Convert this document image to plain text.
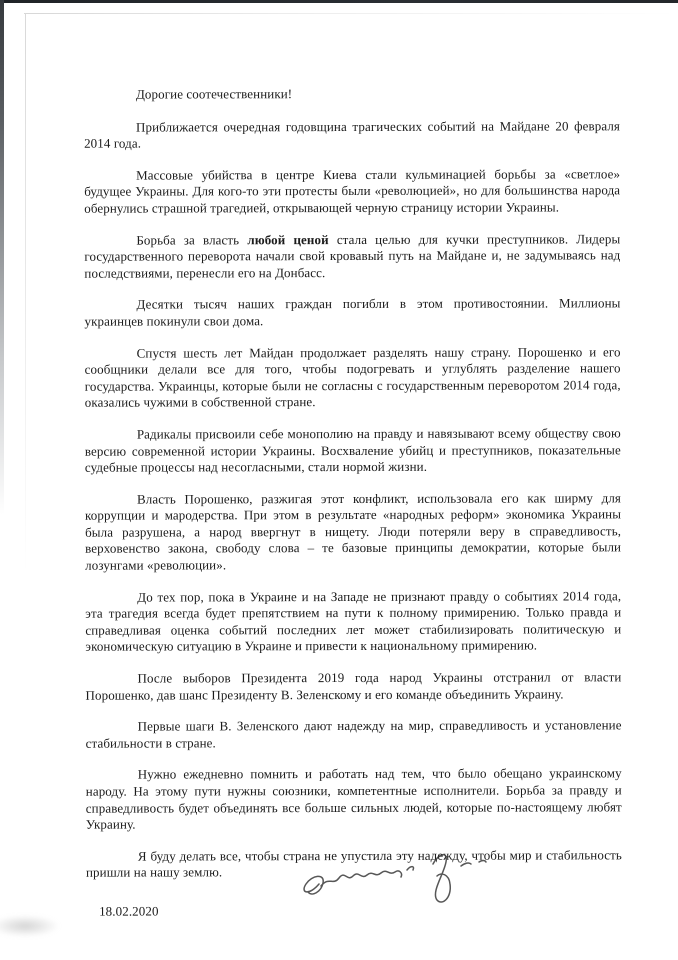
Дорогие соотечественники!

Приближается очередная годовщина трагических событий на Майдане 20 февраля 2014 года.

Массовые убийства в центре Киева стали кульминацией борьбы за «светлое» будущее Украины. Для кого-то эти протесты были «революцией», но для большинства народа обернулись страшной трагедией, открывающей черную страницу истории Украины.

Борьба за власть любой ценой стала целью для кучки преступников. Лидеры государственного переворота начали свой кровавый путь на Майдане и, не задумываясь над последствиями, перенесли его на Донбасс.

Десятки тысяч наших граждан погибли в этом противостоянии. Миллионы украинцев покинули свои дома.

Спустя шесть лет Майдан продолжает разделять нашу страну. Порошенко и его сообщники делали все для того, чтобы подогревать и углублять разделение нашего государства. Украинцы, которые были не согласны с государственным переворотом 2014 года, оказались чужими в собственной стране.

Радикалы присвоили себе монополию на правду и навязывают всему обществу свою версию современной истории Украины. Восхваление убийц и преступников, показательные судебные процессы над несогласными, стали нормой жизни.

Власть Порошенко, разжигая этот конфликт, использовала его как ширму для коррупции и мародерства. При этом в результате «народных реформ» экономика Украины была разрушена, а народ ввергнут в нищету. Люди потеряли веру в справедливость, верховенство закона, свободу слова – те базовые принципы демократии, которые были лозунгами «революции».

До тех пор, пока в Украине и на Западе не признают правду о событиях 2014 года, эта трагедия всегда будет препятствием на пути к полному примирению. Только правда и справедливая оценка событий последних лет может стабилизировать политическую и экономическую ситуацию в Украине и привести к национальному примирению.

После выборов Президента 2019 года народ Украины отстранил от власти Порошенко, дав шанс Президенту В. Зеленскому и его команде объединить Украину.

Первые шаги В. Зеленского дают надежду на мир, справедливость и установление стабильности в стране.

Нужно ежедневно помнить и работать над тем, что было обещано украинскому народу. На этому пути нужны союзники, компетентные исполнители. Борьба за правду и справедливость будет объединять все больше сильных людей, которые по-настоящему любят Украину.

Я буду делать все, чтобы страна не упустила эту надежду, чтобы мир и стабильность пришли на нашу землю.

18.02.2020
